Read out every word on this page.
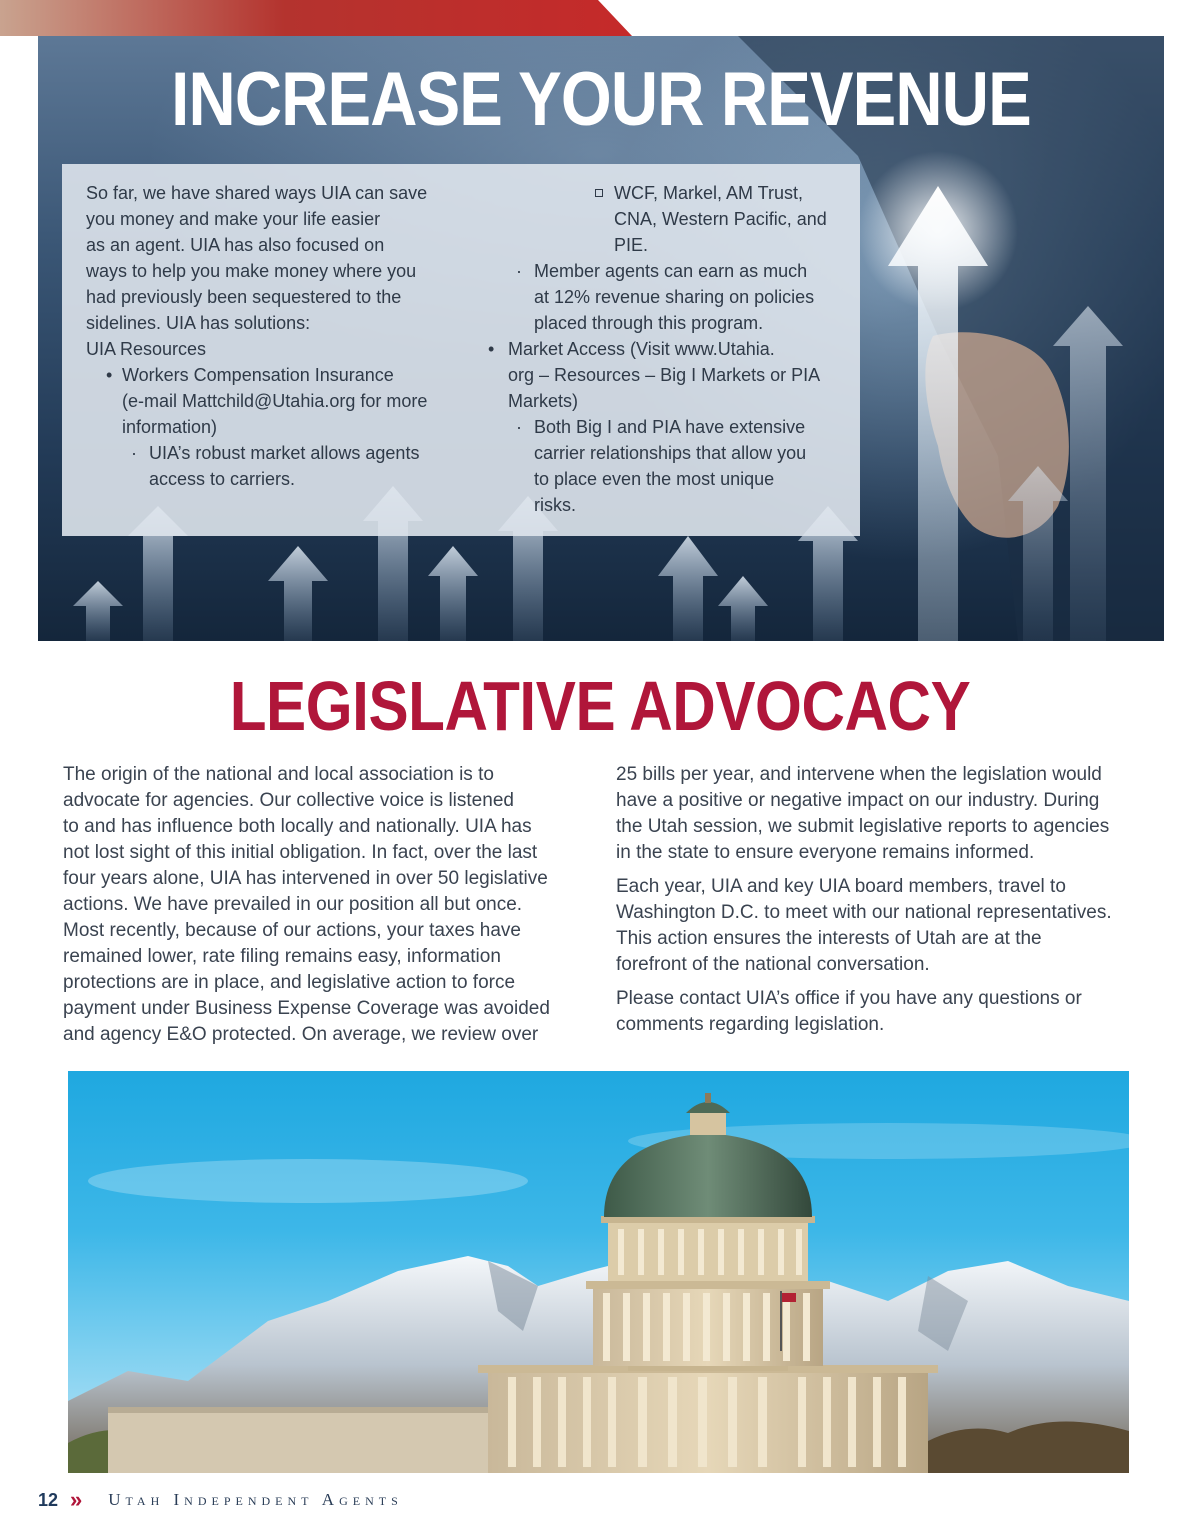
INCREASE YOUR REVENUE
So far, we have shared ways UIA can save
you money and make your life easier
as an agent. UIA has also focused on
ways to help you make money where you
had previously been sequestered to the
sidelines. UIA has solutions:
UIA Resources
• Workers Compensation Insurance
(e-mail Mattchild@Utahia.org for more
information)
· UIA’s robust market allows agents
access to carriers.
WCF, Markel, AM Trust,
CNA, Western Pacific, and
PIE.
· Member agents can earn as much
at 12% revenue sharing on policies
placed through this program.
• Market Access (Visit www.Utahia.
org – Resources – Big I Markets or PIA
Markets)
· Both Big I and PIA have extensive
carrier relationships that allow you
to place even the most unique
risks.
LEGISLATIVE ADVOCACY
The origin of the national and local association is to
advocate for agencies. Our collective voice is listened
to and has influence both locally and nationally. UIA has
not lost sight of this initial obligation. In fact, over the last
four years alone, UIA has intervened in over 50 legislative
actions. We have prevailed in our position all but once.
Most recently, because of our actions, your taxes have
remained lower, rate filing remains easy, information
protections are in place, and legislative action to force
payment under Business Expense Coverage was avoided
and agency E&O protected. On average, we review over

25 bills per year, and intervene when the legislation would
have a positive or negative impact on our industry. During
the Utah session, we submit legislative reports to agencies
in the state to ensure everyone remains informed.

Each year, UIA and key UIA board members, travel to
Washington D.C. to meet with our national representatives.
This action ensures the interests of Utah are at the
forefront of the national conversation.

Please contact UIA’s office if you have any questions or
comments regarding legislation.

12 » Utah Independent Agents
